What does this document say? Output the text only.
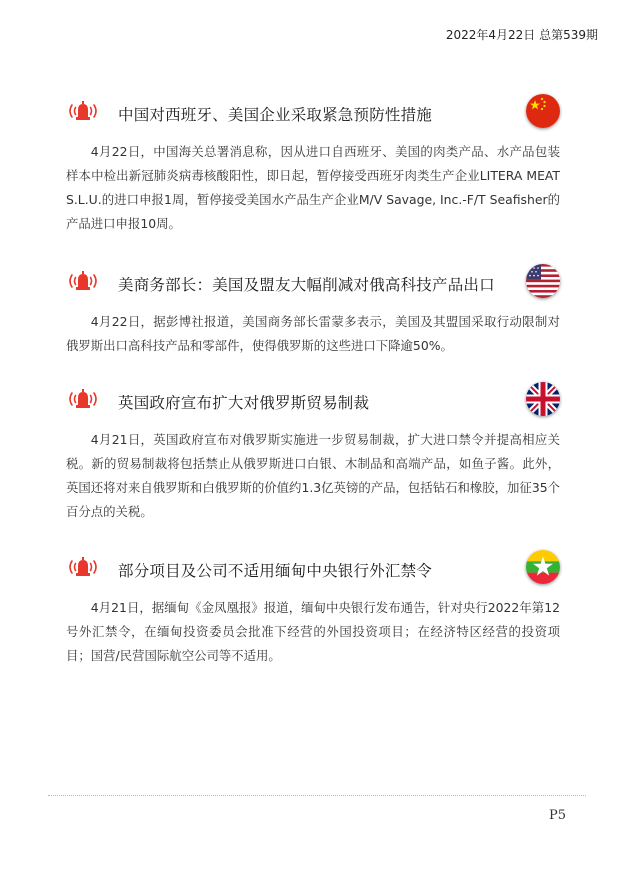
2022年4月22日 总第539期
中国对西班牙、美国企业采取紧急预防性措施

4月22日，中国海关总署消息称，因从进口自西班牙、美国的肉类产品、水产品包装样本中检出新冠肺炎病毒核酸阳性，即日起，暂停接受西班牙肉类生产企业LITERA MEAT S.L.U.的进口申报1周，暂停接受美国水产品生产企业M/V Savage, Inc.-F/T Seafisher的产品进口申报10周。

美商务部长：美国及盟友大幅削减对俄高科技产品出口

4月22日，据彭博社报道，美国商务部长雷蒙多表示，美国及其盟国采取行动限制对俄罗斯出口高科技产品和零部件，使得俄罗斯的这些进口下降逾50%。

英国政府宣布扩大对俄罗斯贸易制裁

4月21日，英国政府宣布对俄罗斯实施进一步贸易制裁，扩大进口禁令并提高相应关税。新的贸易制裁将包括禁止从俄罗斯进口白银、木制品和高端产品，如鱼子酱。此外，英国还将对来自俄罗斯和白俄罗斯的价值约1.3亿英镑的产品，包括钻石和橡胶，加征35个百分点的关税。

部分项目及公司不适用缅甸中央银行外汇禁令

4月21日，据缅甸《金凤凰报》报道，缅甸中央银行发布通告，针对央行2022年第12号外汇禁令，在缅甸投资委员会批准下经营的外国投资项目；在经济特区经营的投资项目；国营/民营国际航空公司等不适用。

P5
